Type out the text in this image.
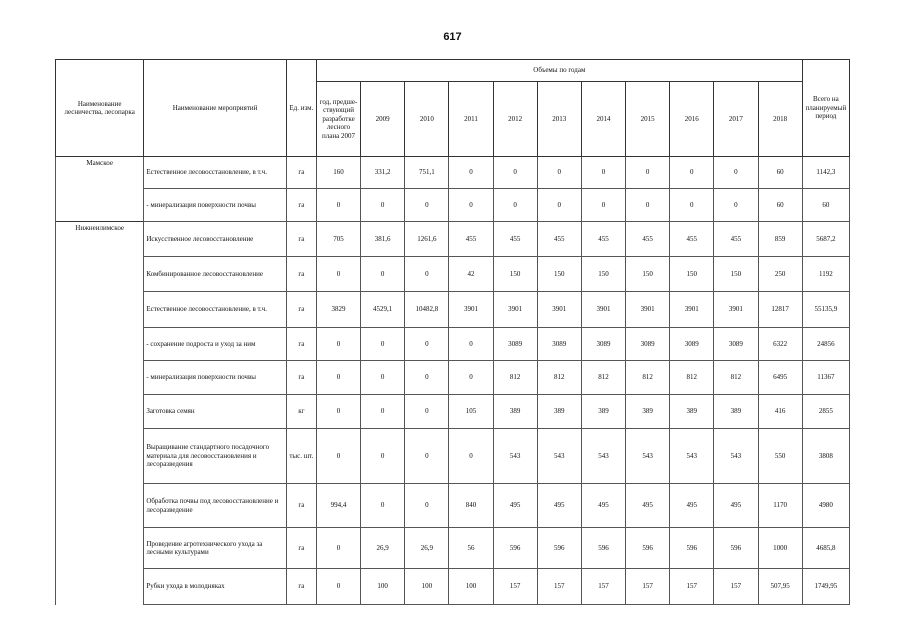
617
Наименование лесничества, лесопарка	Наименование мероприятий	Ед. изм.	Объемы по годам											Всего на планируемый период
			год, предше-ствующий разработке лесного плана 2007	2009	2010	2011	2012	2013	2014	2015	2016	2017	2018	
Мамское	Естественное лесовосстановление, в т.ч.	га	160	331,2	751,1	0	0	0	0	0	0	0	60	1142,3
	- минерализация поверхности почвы	га	0	0	0	0	0	0	0	0	0	0	60	60
Нижнеилимское	Искусственное лесовосстановление	га	705	381,6	1261,6	455	455	455	455	455	455	455	859	5687,2
	Комбинированное лесовосстановление	га	0	0	0	42	150	150	150	150	150	150	250	1192
	Естественное лесовосстановление, в т.ч.	га	3829	4529,1	10482,8	3901	3901	3901	3901	3901	3901	3901	12817	55135,9
	- сохранение подроста и уход за ним	га	0	0	0	0	3089	3089	3089	3089	3089	3089	6322	24856
	- минерализация поверхности почвы	га	0	0	0	0	812	812	812	812	812	812	6495	11367
	Заготовка семян	кг	0	0	0	105	389	389	389	389	389	389	416	2855
	Выращивание стандартного посадочного материала для лесовосстановления и лесоразведения	тыс. шт.	0	0	0	0	543	543	543	543	543	543	550	3808
	Обработка почвы под лесовосстановление и лесоразведение	га	994,4	0	0	840	495	495	495	495	495	495	1170	4980
	Проведение агротехнического ухода за лесными культурами	га	0	26,9	26,9	56	596	596	596	596	596	596	1000	4685,8
	Рубки ухода в молодняках	га	0	100	100	100	157	157	157	157	157	157	507,95	1749,95
